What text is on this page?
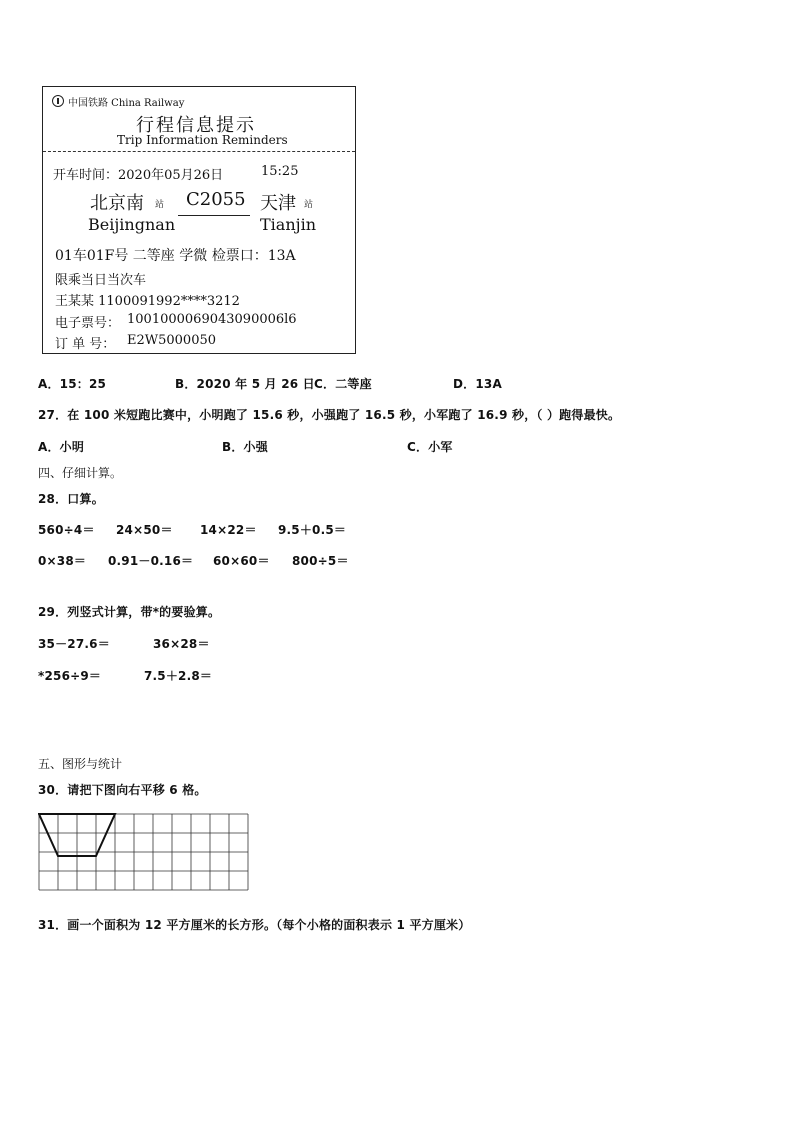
中国铁路 China Railway
行程信息提示
Trip Information Reminders
开车时间： 2020年05月26日	15:25
北京南 站
Beijingnan
C2055 天津 站
Tianjin
01车01F号 二等座 学微 检票口：13A
限乘当日当次车
王某某 1100091992****3212
电子票号： 1001000069043090006l6
订 单 号： E2W5000050
A．15：25	B．2020 年 5 月 26 日 C．二等座	D．13A
27．在 100 米短跑比赛中，小明跑了 15.6 秒，小强跑了 16.5 秒，小军跑了 16.9 秒，（ ）跑得最快。
A．小明	B．小强	C．小军
四、仔细计算。
28．口算。
560÷4＝ 24×50＝ 14×22＝ 9.5＋0.5＝
0×38＝ 0.91－0.16＝ 60×60＝ 800÷5＝
29．列竖式计算，带*的要验算。
35－27.6＝	36×28＝
*256÷9＝	7.5＋2.8＝
五、图形与统计
30．请把下图向右平移 6 格。
31．画一个面积为 12 平方厘米的长方形。（每个小格的面积表示 1 平方厘米）
